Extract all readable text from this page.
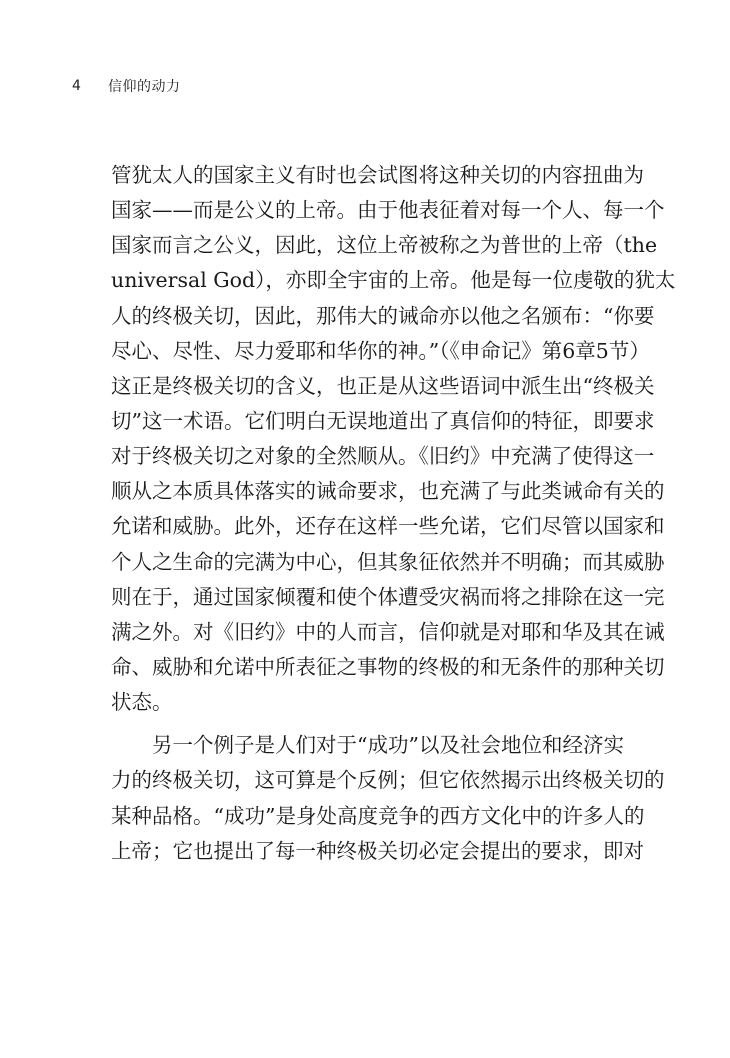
4	信仰的动力
管犹太人的国家主义有时也会试图将这种关切的内容扭曲为
国家——而是公义的上帝。由于他表征着对每一个人、每一个
国家而言之公义，因此，这位上帝被称之为普世的上帝（the
universal God），亦即全宇宙的上帝。他是每一位虔敬的犹太
人的终极关切，因此，那伟大的诫命亦以他之名颁布：“你要
尽心、尽性、尽力爱耶和华你的神。”（《申命记》第6章5节）
这正是终极关切的含义，也正是从这些语词中派生出“终极关
切”这一术语。它们明白无误地道出了真信仰的特征，即要求
对于终极关切之对象的全然顺从。《旧约》中充满了使得这一
顺从之本质具体落实的诫命要求，也充满了与此类诫命有关的
允诺和威胁。此外，还存在这样一些允诺，它们尽管以国家和
个人之生命的完满为中心，但其象征依然并不明确；而其威胁
则在于，通过国家倾覆和使个体遭受灾祸而将之排除在这一完
满之外。对《旧约》中的人而言，信仰就是对耶和华及其在诫
命、威胁和允诺中所表征之事物的终极的和无条件的那种关切
状态。
另一个例子是人们对于“成功”以及社会地位和经济实
力的终极关切，这可算是个反例；但它依然揭示出终极关切的
某种品格。“成功”是身处高度竞争的西方文化中的许多人的
上帝；它也提出了每一种终极关切必定会提出的要求，即对
